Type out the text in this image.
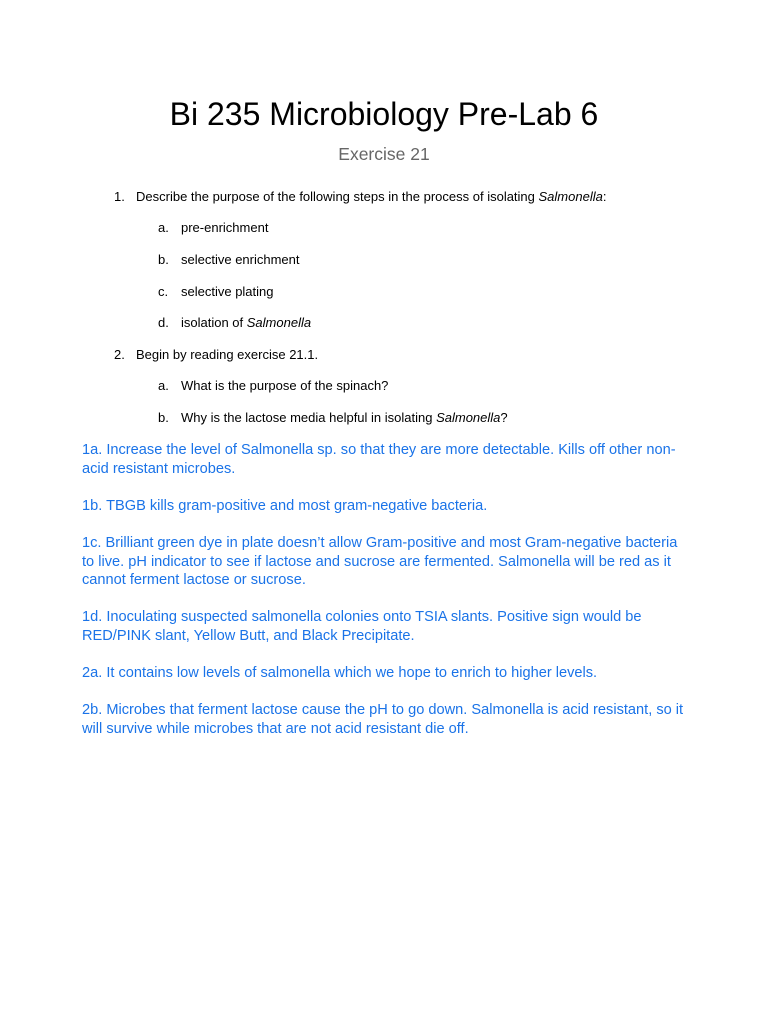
Bi 235 Microbiology Pre-Lab 6
Exercise 21
1. Describe the purpose of the following steps in the process of isolating Salmonella:
a. pre-enrichment
b. selective enrichment
c. selective plating
d. isolation of Salmonella
2. Begin by reading exercise 21.1.
a. What is the purpose of the spinach?
b. Why is the lactose media helpful in isolating Salmonella?
1a. Increase the level of Salmonella sp. so that they are more detectable. Kills off other non-acid resistant microbes.
1b. TBGB kills gram-positive and most gram-negative bacteria.
1c. Brilliant green dye in plate doesn’t allow Gram-positive and most Gram-negative bacteria to live. pH indicator to see if lactose and sucrose are fermented. Salmonella will be red as it cannot ferment lactose or sucrose.
1d. Inoculating suspected salmonella colonies onto TSIA slants. Positive sign would be RED/PINK slant, Yellow Butt, and Black Precipitate.
2a. It contains low levels of salmonella which we hope to enrich to higher levels.
2b. Microbes that ferment lactose cause the pH to go down. Salmonella is acid resistant, so it will survive while microbes that are not acid resistant die off.
